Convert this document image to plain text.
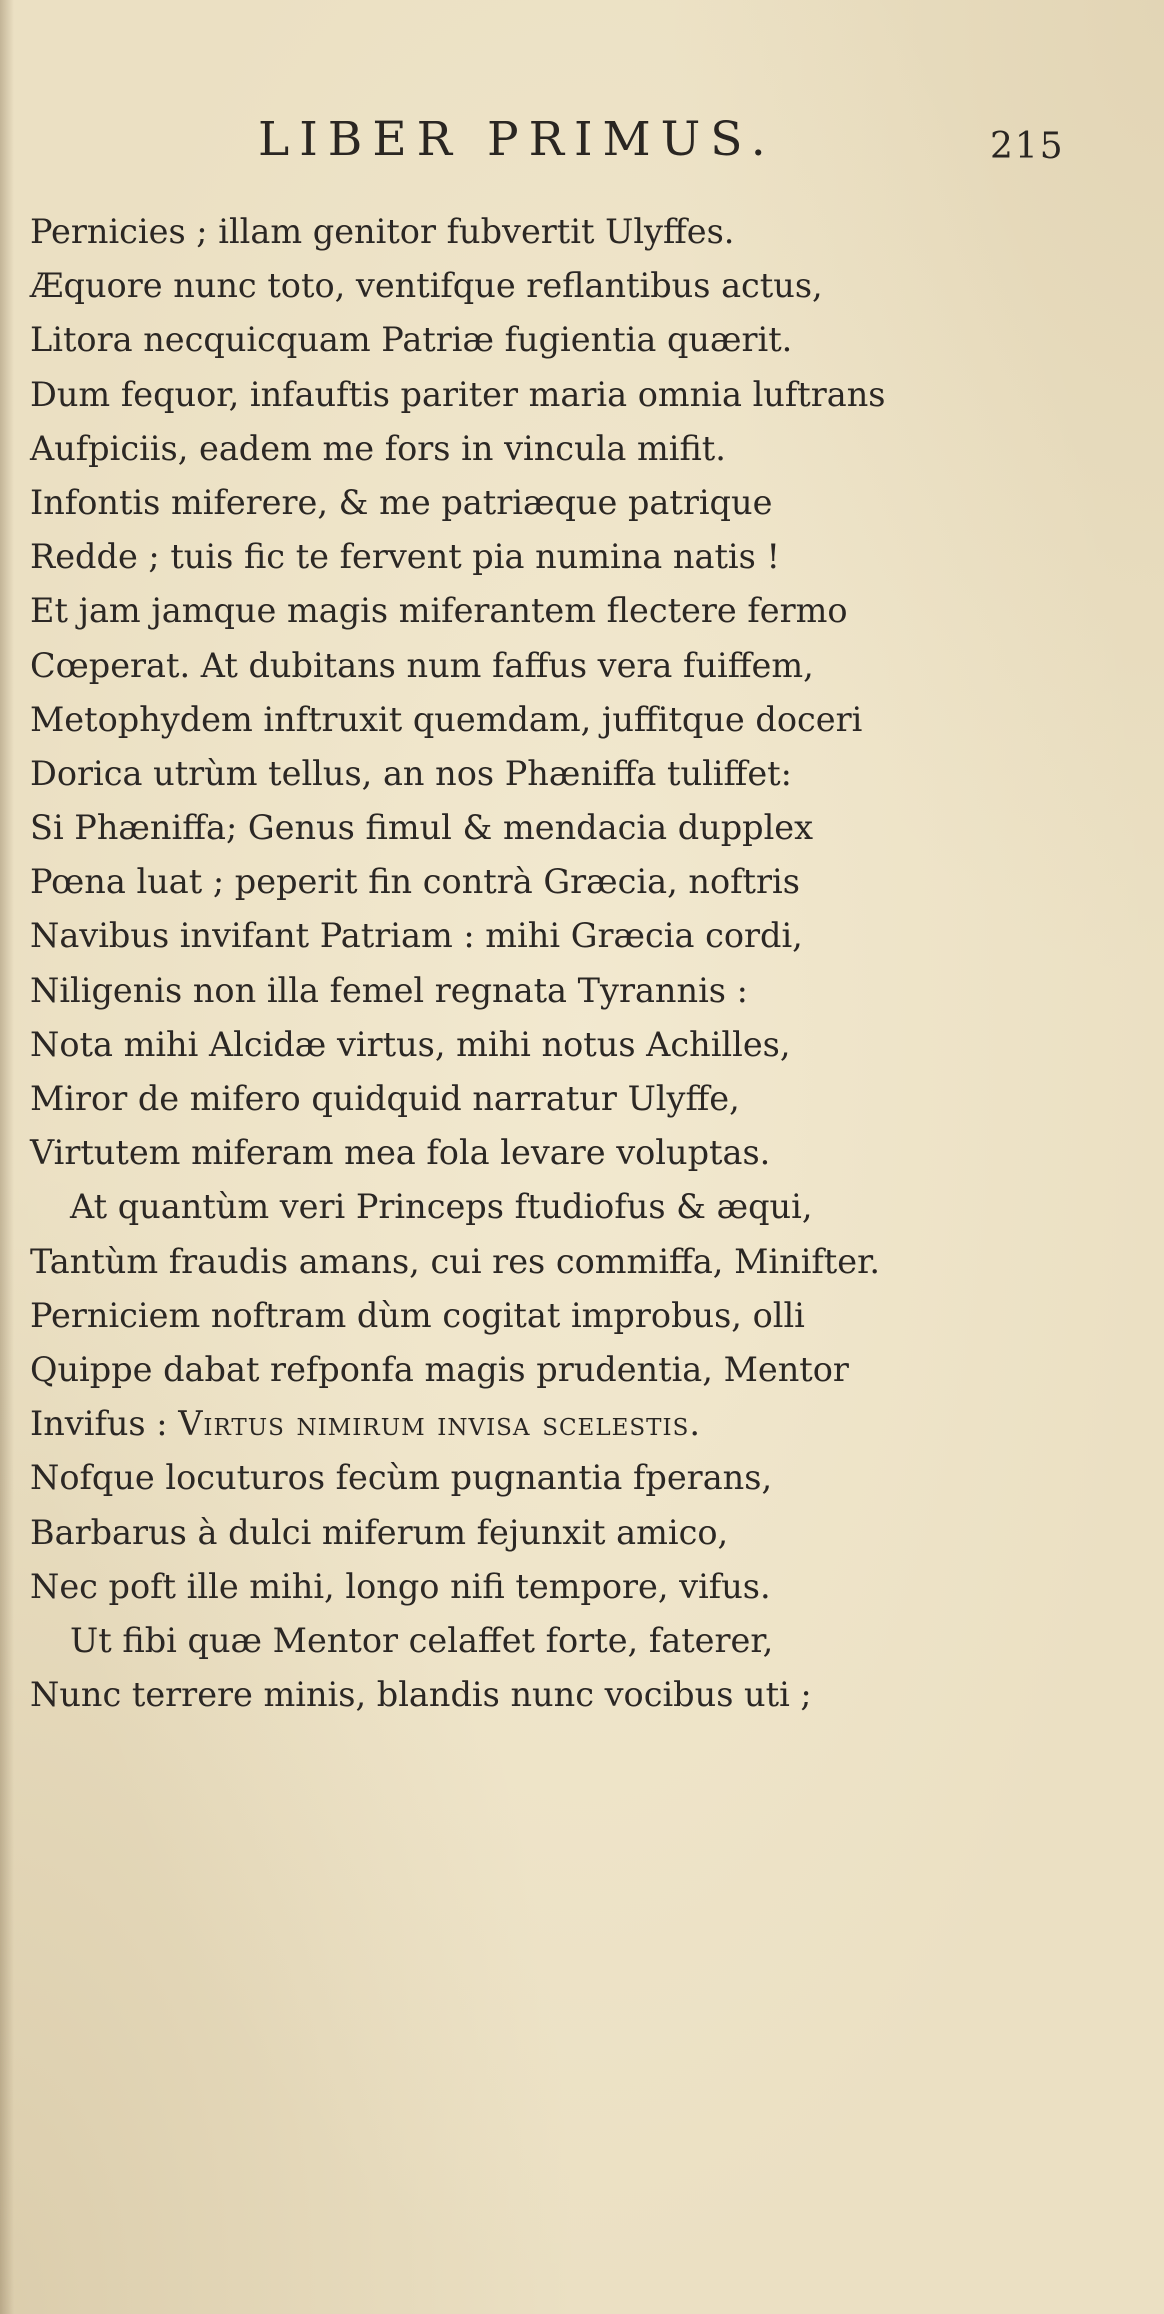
LIBER PRIMUS.	215
Pernicies ; illam genitor fubvertit Ulyffes.
Æquore nunc toto, ventifque reflantibus actus,
Litora necquicquam Patriæ fugientia quærit.
Dum fequor, infauftis pariter maria omnia luftrans
Aufpiciis, eadem me fors in vincula mifit.
Infontis miferere, & me patriæque patrique
Redde ; tuis fic te fervent pia numina natis !
Et jam jamque magis miferantem flectere fermo
Cœperat. At dubitans num faffus vera fuiffem,
Metophydem inftruxit quemdam, juffitque doceri
Dorica utrùm tellus, an nos Phæniffa tuliffet:
Si Phæniffa; Genus fimul & mendacia dupplex
Pœna luat ; peperit fin contrà Græcia, noftris
Navibus invifant Patriam : mihi Græcia cordi,
Niligenis non illa femel regnata Tyrannis :
Nota mihi Alcidæ virtus, mihi notus Achilles,
Miror de mifero quidquid narratur Ulyffe,
Virtutem miferam mea fola levare voluptas.
At quantùm veri Princeps ftudiofus & æqui,
Tantùm fraudis amans, cui res commiffa, Minifter.
Perniciem noftram dùm cogitat improbus, olli
Quippe dabat refponfa magis prudentia, Mentor
Invifus : Virtus nimirum invisa scelestis.
Nofque locuturos fecùm pugnantia fperans,
Barbarus à dulci miferum fejunxit amico,
Nec poft ille mihi, longo nifi tempore, vifus.
Ut fibi quæ Mentor celaffet forte, faterer,
Nunc terrere minis, blandis nunc vocibus uti ;
